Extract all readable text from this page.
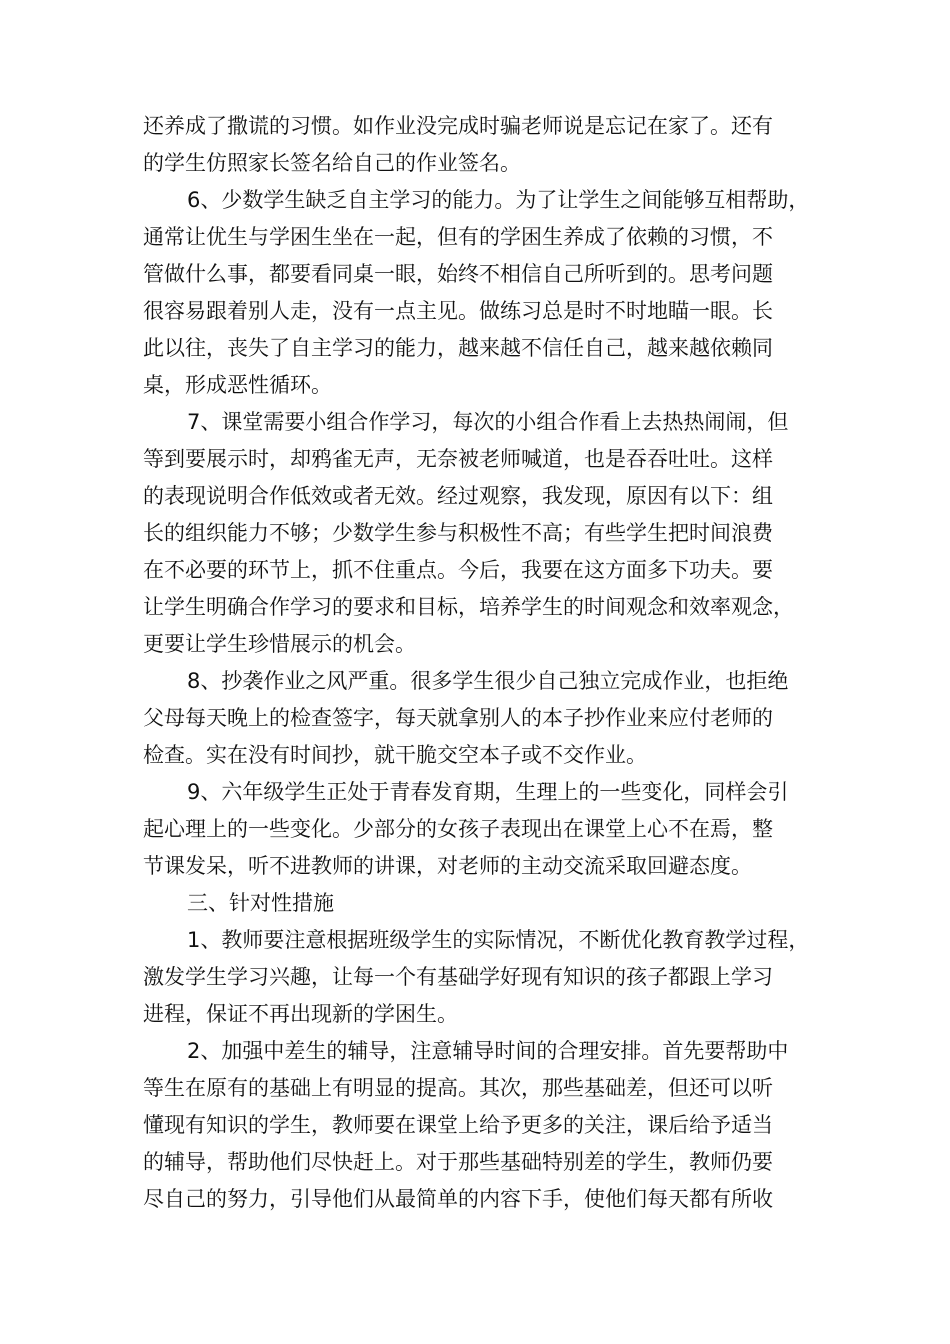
还养成了撒谎的习惯。如作业没完成时骗老师说是忘记在家了。还有
的学生仿照家长签名给自己的作业签名。
6、少数学生缺乏自主学习的能力。为了让学生之间能够互相帮助，
通常让优生与学困生坐在一起，但有的学困生养成了依赖的习惯，不
管做什么事，都要看同桌一眼，始终不相信自己所听到的。思考问题
很容易跟着别人走，没有一点主见。做练习总是时不时地瞄一眼。长
此以往，丧失了自主学习的能力，越来越不信任自己，越来越依赖同
桌，形成恶性循环。
7、课堂需要小组合作学习，每次的小组合作看上去热热闹闹，但
等到要展示时，却鸦雀无声，无奈被老师喊道，也是吞吞吐吐。这样
的表现说明合作低效或者无效。经过观察，我发现，原因有以下：组
长的组织能力不够；少数学生参与积极性不高；有些学生把时间浪费
在不必要的环节上，抓不住重点。今后，我要在这方面多下功夫。要
让学生明确合作学习的要求和目标，培养学生的时间观念和效率观念，
更要让学生珍惜展示的机会。
8、抄袭作业之风严重。很多学生很少自己独立完成作业，也拒绝
父母每天晚上的检查签字，每天就拿别人的本子抄作业来应付老师的
检查。实在没有时间抄，就干脆交空本子或不交作业。
9、六年级学生正处于青春发育期，生理上的一些变化，同样会引
起心理上的一些变化。少部分的女孩子表现出在课堂上心不在焉，整
节课发呆，听不进教师的讲课，对老师的主动交流采取回避态度。
三、针对性措施
1、教师要注意根据班级学生的实际情况，不断优化教育教学过程，
激发学生学习兴趣，让每一个有基础学好现有知识的孩子都跟上学习
进程，保证不再出现新的学困生。
2、加强中差生的辅导，注意辅导时间的合理安排。首先要帮助中
等生在原有的基础上有明显的提高。其次，那些基础差，但还可以听
懂现有知识的学生，教师要在课堂上给予更多的关注，课后给予适当
的辅导，帮助他们尽快赶上。对于那些基础特别差的学生，教师仍要
尽自己的努力，引导他们从最简单的内容下手，使他们每天都有所收
